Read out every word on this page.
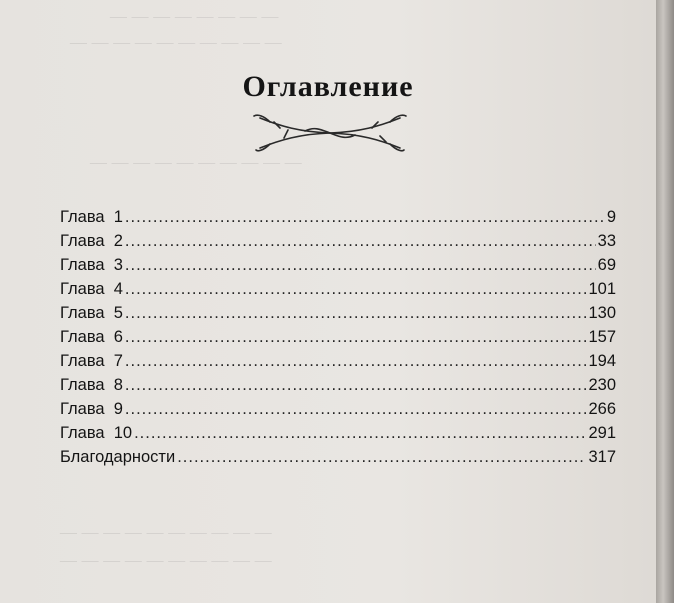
— — — — — — — —
— — — — — — — — — —
— — — — — — — — — —
— — — — — — — — — —
— — — — — — — — — —
Оглавление
Глава  1 .....	9
Глава  2 .....	33
Глава  3 .....	69
Глава  4 .....	101
Глава  5 .....	130
Глава  6 .....	157
Глава  7 .....	194
Глава  8 .....	230
Глава  9 .....	266
Глава  10 .....	291
Благодарности .....	317
